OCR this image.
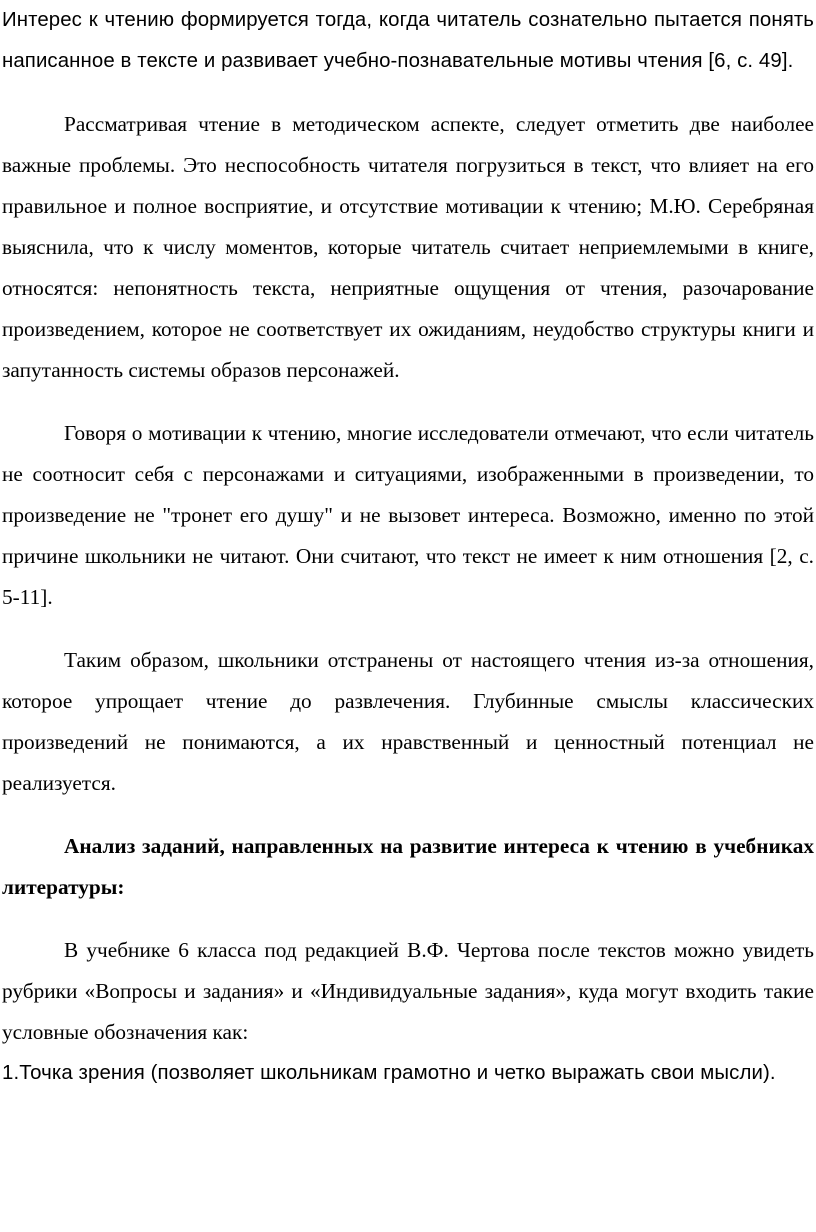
Интерес к чтению формируется тогда, когда читатель сознательно пытается понять написанное в тексте и развивает учебно-познавательные мотивы чтения [6, с. 49].

Рассматривая чтение в методическом аспекте, следует отметить две наиболее важные проблемы. Это неспособность читателя погрузиться в текст, что влияет на его правильное и полное восприятие, и отсутствие мотивации к чтению; М.Ю. Серебряная выяснила, что к числу моментов, которые читатель считает неприемлемыми в книге, относятся: непонятность текста, неприятные ощущения от чтения, разочарование произведением, которое не соответствует их ожиданиям, неудобство структуры книги и запутанность системы образов персонажей.

Говоря о мотивации к чтению, многие исследователи отмечают, что если читатель не соотносит себя с персонажами и ситуациями, изображенными в произведении, то произведение не "тронет его душу" и не вызовет интереса. Возможно, именно по этой причине школьники не читают. Они считают, что текст не имеет к ним отношения [2, с. 5-11].

Таким образом, школьники отстранены от настоящего чтения из-за отношения, которое упрощает чтение до развлечения. Глубинные смыслы классических произведений не понимаются, а их нравственный и ценностный потенциал не реализуется.

Анализ заданий, направленных на развитие интереса к чтению в учебниках литературы:

В учебнике 6 класса под редакцией В.Ф. Чертова после текстов можно увидеть рубрики «Вопросы и задания» и «Индивидуальные задания», куда могут входить такие условные обозначения как:

1.Точка зрения (позволяет школьникам грамотно и четко выражать свои мысли).
